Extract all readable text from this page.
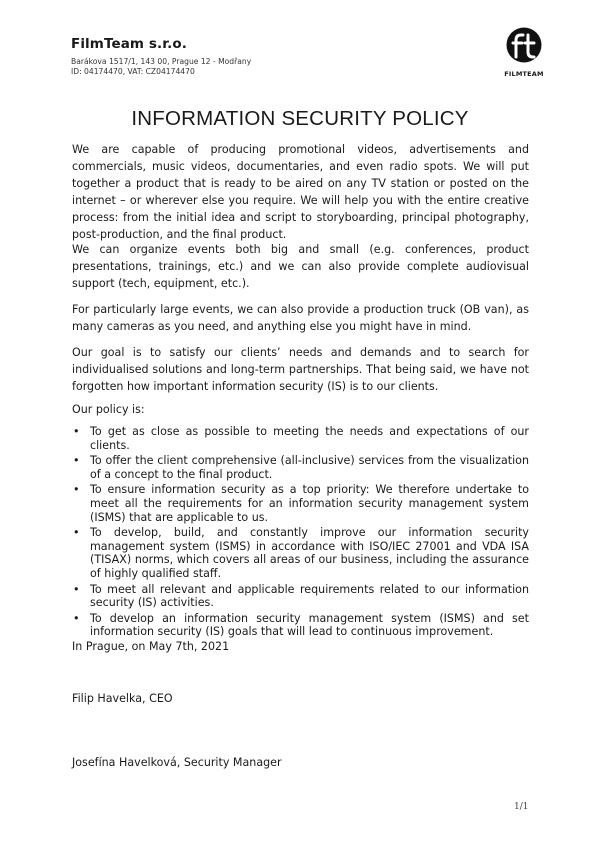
FilmTeam s.r.o.
Barákova 1517/1, 143 00, Prague 12 - Modřany
ID: 04174470, VAT: CZ04174470	FILMTEAM
INFORMATION SECURITY POLICY
We are capable of producing promotional videos, advertisements and commercials, music videos, documentaries, and even radio spots. We will put together a product that is ready to be aired on any TV station or posted on the internet – or wherever else you require. We will help you with the entire creative process: from the initial idea and script to storyboarding, principal photography, post-production, and the final product.
We can organize events both big and small (e.g. conferences, product presentations, trainings, etc.) and we can also provide complete audiovisual support (tech, equipment, etc.).
For particularly large events, we can also provide a production truck (OB van), as many cameras as you need, and anything else you might have in mind.
Our goal is to satisfy our clients’ needs and demands and to search for individualised solutions and long-term partnerships. That being said, we have not forgotten how important information security (IS) is to our clients.
Our policy is:
• To get as close as possible to meeting the needs and expectations of our clients.
• To offer the client comprehensive (all-inclusive) services from the visualization of a concept to the final product.
• To ensure information security as a top priority: We therefore undertake to meet all the requirements for an information security management system (ISMS) that are applicable to us.
• To develop, build, and constantly improve our information security management system (ISMS) in accordance with ISO/IEC 27001 and VDA ISA (TISAX) norms, which covers all areas of our business, including the assurance of highly qualified staff.
• To meet all relevant and applicable requirements related to our information security (IS) activities.
• To develop an information security management system (ISMS) and set information security (IS) goals that will lead to continuous improvement.
In Prague, on May 7th, 2021
Filip Havelka, CEO
Josefína Havelková, Security Manager
1/1
